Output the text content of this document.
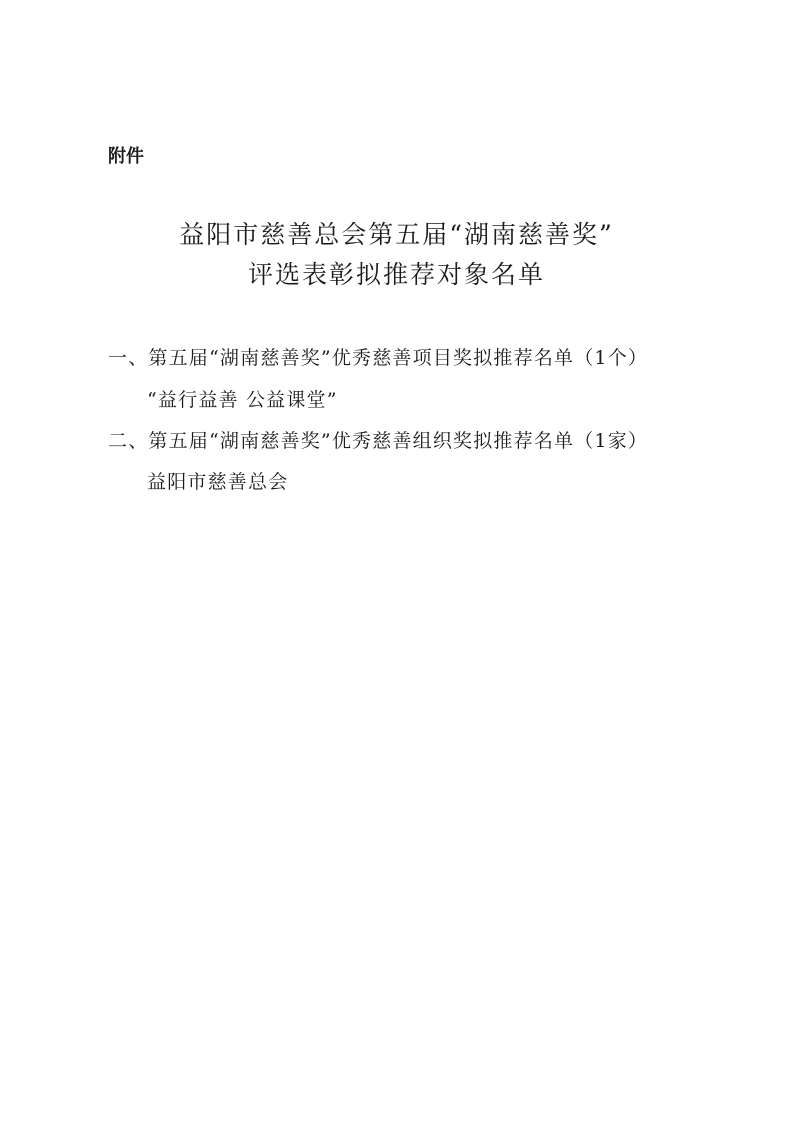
附件
益阳市慈善总会第五届“湖南慈善奖”
评选表彰拟推荐对象名单
一、第五届“湖南慈善奖”优秀慈善项目奖拟推荐名单（1个）
“益行益善 公益课堂”
二、第五届“湖南慈善奖”优秀慈善组织奖拟推荐名单（1家）
益阳市慈善总会
